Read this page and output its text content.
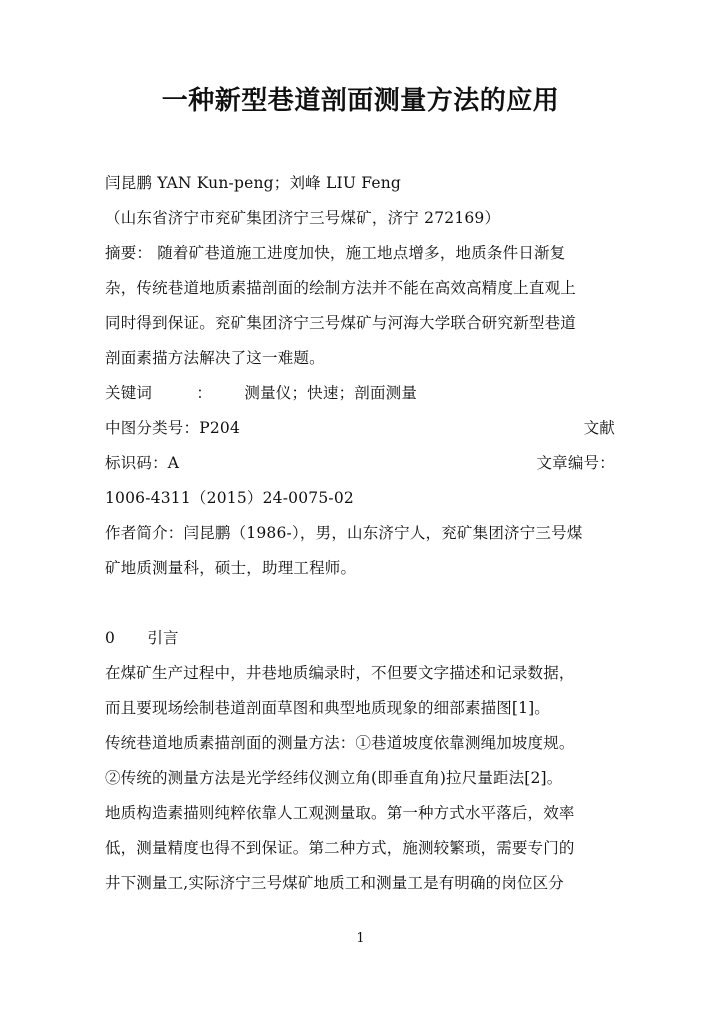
一种新型巷道剖面测量方法的应用
闫昆鹏 YAN Kun-peng；刘峰 LIU Feng
（山东省济宁市兖矿集团济宁三号煤矿，济宁 272169）
摘要： 随着矿巷道施工进度加快，施工地点增多，地质条件日渐复
杂，传统巷道地质素描剖面的绘制方法并不能在高效高精度上直观上
同时得到保证。兖矿集团济宁三号煤矿与河海大学联合研究新型巷道
剖面素描方法解决了这一难题。
关键词	： 测量仪；快速；剖面测量
中图分类号：P204	文献
标识码：A	文章编号：
1006-4311（2015）24-0075-02
作者简介：闫昆鹏（1986-），男，山东济宁人，兖矿集团济宁三号煤
矿地质测量科，硕士，助理工程师。
0 引言
在煤矿生产过程中，井巷地质编录时，不但要文字描述和记录数据，
而且要现场绘制巷道剖面草图和典型地质现象的细部素描图[1]。
传统巷道地质素描剖面的测量方法：①巷道坡度依靠测绳加坡度规。
②传统的测量方法是光学经纬仪测立角(即垂直角)拉尺量距法[2]。
地质构造素描则纯粹依靠人工观测量取。第一种方式水平落后，效率
低，测量精度也得不到保证。第二种方式，施测较繁琐，需要专门的
井下测量工,实际济宁三号煤矿地质工和测量工是有明确的岗位区分
1
